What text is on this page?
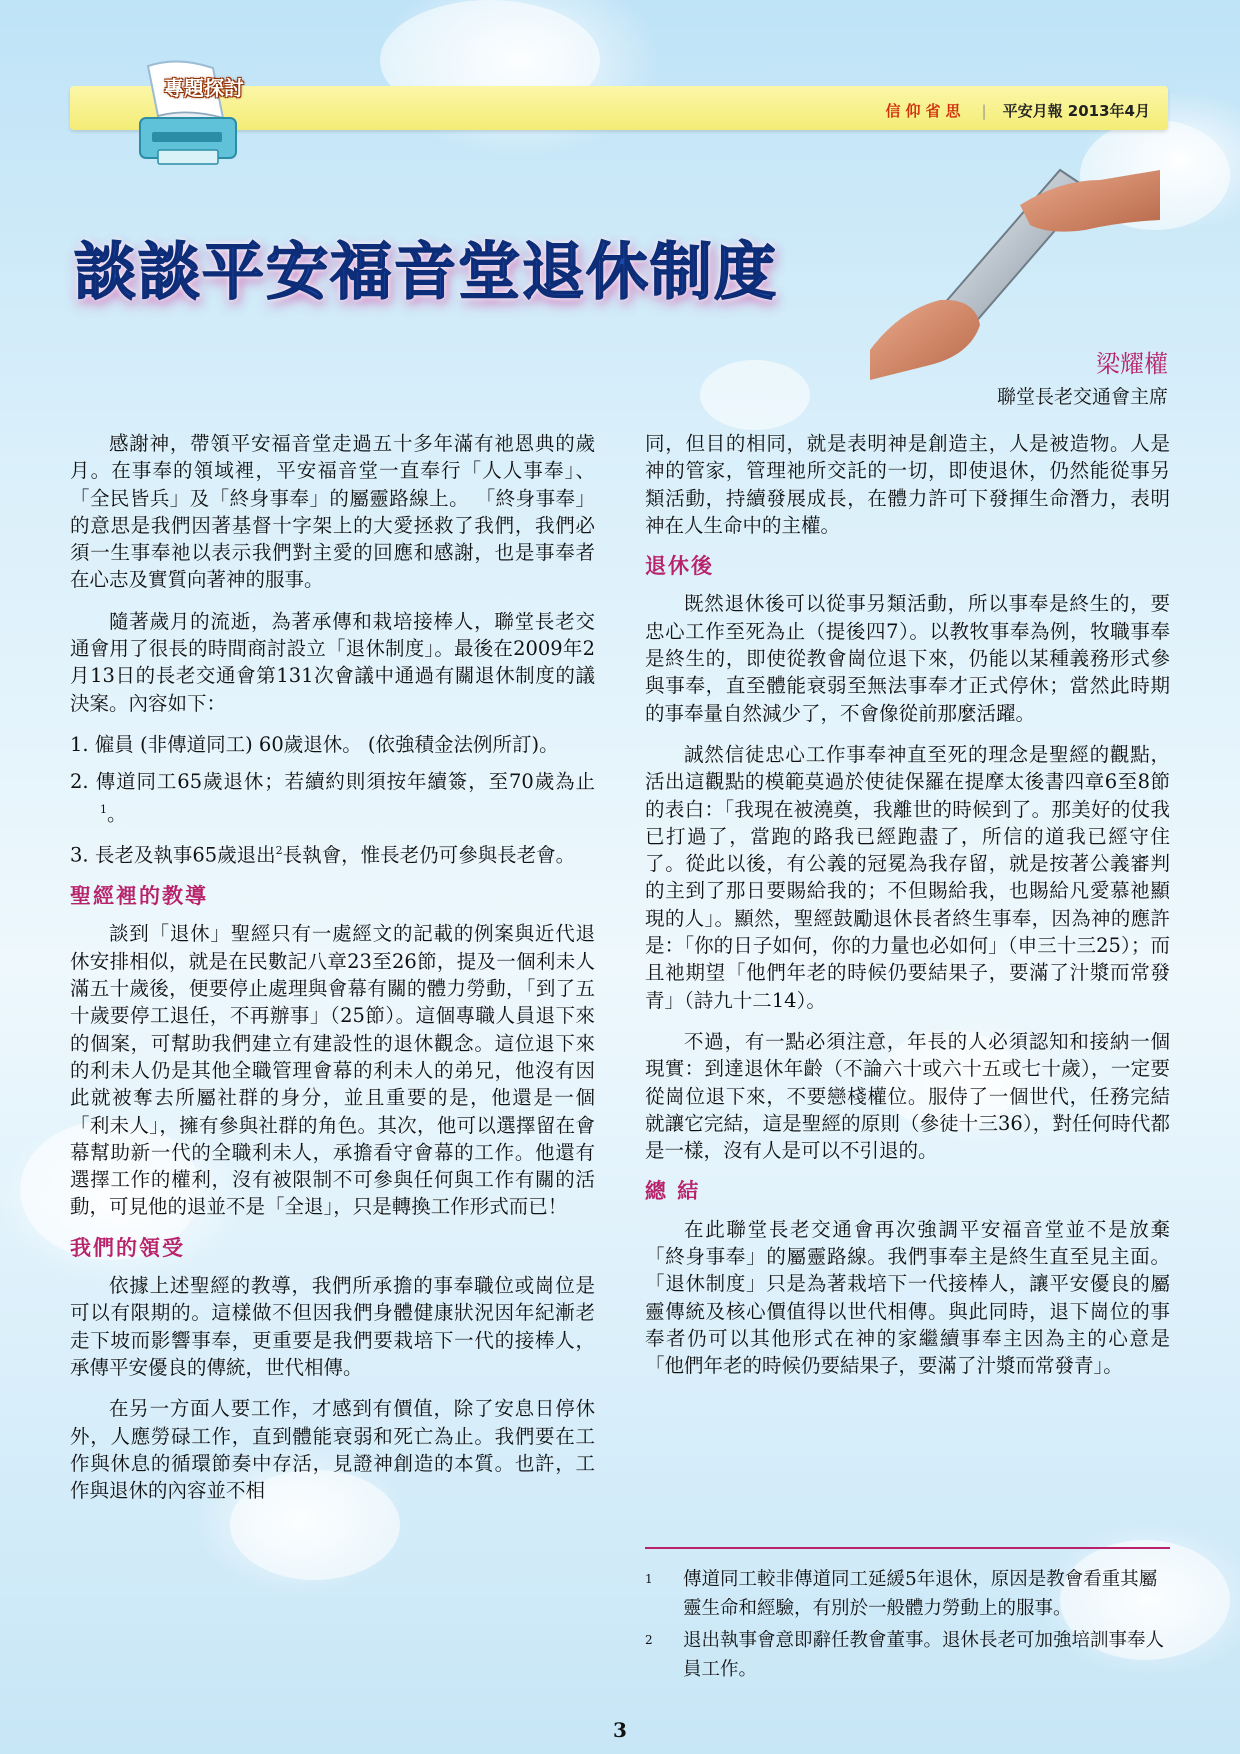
專題探討
信仰省思 | 平安月報 2013年4月
談談平安福音堂退休制度
梁耀權
聯堂長老交通會主席

感謝神，帶領平安福音堂走過五十多年滿有祂恩典的歲月。在事奉的領域裡，平安福音堂一直奉行「人人事奉」、「全民皆兵」及「終身事奉」的屬靈路線上。 「終身事奉」的意思是我們因著基督十字架上的大愛拯救了我們，我們必須一生事奉祂以表示我們對主愛的回應和感謝，也是事奉者在心志及實質向著神的服事。

隨著歲月的流逝，為著承傳和栽培接棒人，聯堂長老交通會用了很長的時間商討設立「退休制度」。最後在2009年2月13日的長老交通會第131次會議中通過有關退休制度的議決案。內容如下：

1. 僱員 (非傳道同工) 60歲退休。 (依強積金法例所訂)。
2. 傳道同工65歲退休；若續約則須按年續簽，至70歲為止$^1$。
3. 長老及執事65歲退出$^2$長執會，惟長老仍可參與長老會。
聖經裡的教導

談到「退休」聖經只有一處經文的記載的例案與近代退休安排相似，就是在民數記八章23至26節，提及一個利未人滿五十歲後，便要停止處理與會幕有關的體力勞動，「到了五十歲要停工退任，不再辦事」（25節）。這個專職人員退下來的個案，可幫助我們建立有建設性的退休觀念。這位退下來的利未人仍是其他全職管理會幕的利未人的弟兄，他沒有因此就被奪去所屬社群的身分，並且重要的是，他還是一個「利未人」，擁有參與社群的角色。其次，他可以選擇留在會幕幫助新一代的全職利未人，承擔看守會幕的工作。他還有選擇工作的權利，沒有被限制不可參與任何與工作有關的活動，可見他的退並不是「全退」，只是轉換工作形式而已！

我們的領受

依據上述聖經的教導，我們所承擔的事奉職位或崗位是可以有限期的。這樣做不但因我們身體健康狀況因年紀漸老走下坡而影響事奉，更重要是我們要栽培下一代的接棒人，承傳平安優良的傳統，世代相傳。

在另一方面人要工作，才感到有價值，除了安息日停休外，人應勞碌工作，直到體能衰弱和死亡為止。我們要在工作與休息的循環節奏中存活，見證神創造的本質。也許，工作與退休的內容並不相

同，但目的相同，就是表明神是創造主，人是被造物。人是神的管家，管理祂所交託的一切，即使退休，仍然能從事另類活動，持續發展成長，在體力許可下發揮生命潛力，表明神在人生命中的主權。

退休後

既然退休後可以從事另類活動，所以事奉是終生的，要忠心工作至死為止（提後四7）。以教牧事奉為例，牧職事奉是終生的，即使從教會崗位退下來，仍能以某種義務形式參與事奉，直至體能衰弱至無法事奉才正式停休；當然此時期的事奉量自然減少了，不會像從前那麼活躍。

誠然信徒忠心工作事奉神直至死的理念是聖經的觀點，活出這觀點的模範莫過於使徒保羅在提摩太後書四章6至8節的表白：「我現在被澆奠，我離世的時候到了。那美好的仗我已打過了，當跑的路我已經跑盡了，所信的道我已經守住了。從此以後，有公義的冠冕為我存留，就是按著公義審判的主到了那日要賜給我的；不但賜給我，也賜給凡愛慕祂顯現的人」。顯然，聖經鼓勵退休長者終生事奉，因為神的應許是：「你的日子如何，你的力量也必如何」（申三十三25）；而且祂期望「他們年老的時候仍要結果子，要滿了汁漿而常發青」（詩九十二14）。

不過，有一點必須注意，年長的人必須認知和接納一個現實：到達退休年齡（不論六十或六十五或七十歲），一定要從崗位退下來，不要戀棧權位。服侍了一個世代，任務完結就讓它完結，這是聖經的原則（參徒十三36），對任何時代都是一樣，沒有人是可以不引退的。

總 結

在此聯堂長老交通會再次強調平安福音堂並不是放棄「終身事奉」的屬靈路線。我們事奉主是終生直至見主面。「退休制度」只是為著栽培下一代接棒人，讓平安優良的屬靈傳統及核心價值得以世代相傳。與此同時，退下崗位的事奉者仍可以其他形式在神的家繼續事奉主因為主的心意是「他們年老的時候仍要結果子，要滿了汁漿而常發青」。

1	傳道同工較非傳道同工延緩5年退休，原因是教會看重其屬靈生命和經驗，有別於一般體力勞動上的服事。
2	退出執事會意即辭任教會董事。退休長老可加強培訓事奉人員工作。
3
